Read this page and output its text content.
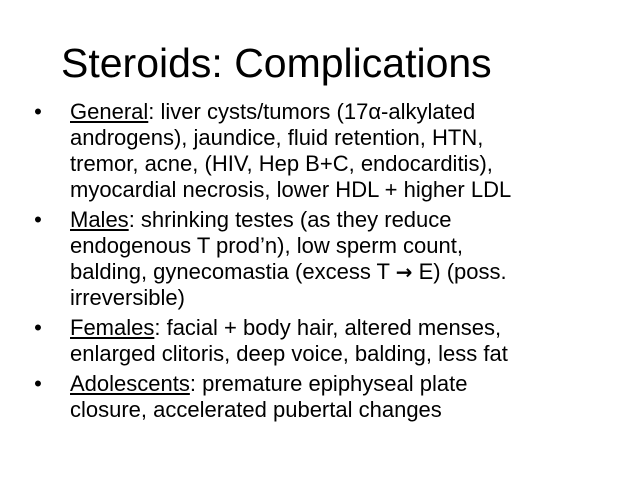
Steroids: Complications
• General: liver cysts/tumors (17α-alkylated
androgens), jaundice, fluid retention, HTN,
tremor, acne, (HIV, Hep B+C, endocarditis),
myocardial necrosis, lower HDL + higher LDL
• Males: shrinking testes (as they reduce
endogenous T prod’n), low sperm count,
balding, gynecomastia (excess T → E) (poss.
irreversible)
• Females: facial + body hair, altered menses,
enlarged clitoris, deep voice, balding, less fat
• Adolescents: premature epiphyseal plate
closure, accelerated pubertal changes
